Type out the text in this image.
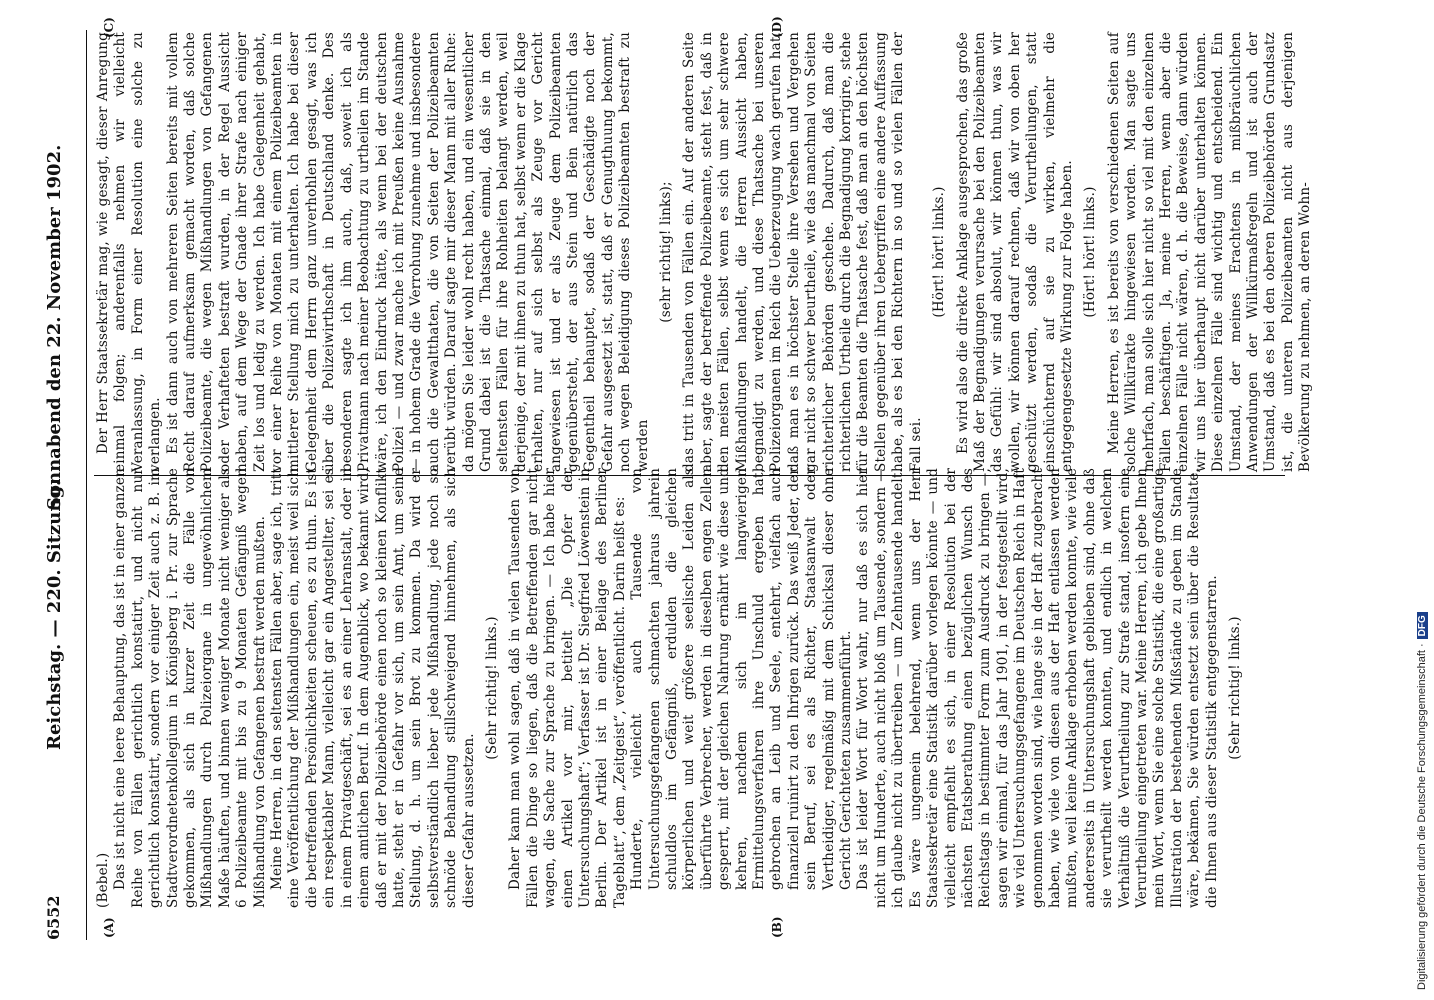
6552
Reichstag. — 220. Sitzung.
Sonnabend den 22. November 1902.
(A)	(B)
(C)	(D)

(Bebel.) Das ist nicht eine leere Behauptung, das ist in einer ganzen Reihe von Fällen gerichtlich konstatirt, und nicht nur gerichtlich konstatirt, sondern vor einiger Zeit auch z. B. im Stadtverordnetenkollegium in Königsberg i. Pr. zur Sprache gekommen, als sich in kurzer Zeit die Fälle von Mißhandlungen durch Polizeiorgane in ungewöhnlichem Maße häuften, und binnen weniger Monate nicht weniger als 6 Polizeibeamte mit bis zu 9 Monaten Gefängniß wegen Mißhandlung von Gefangenen bestraft werden mußten. Meine Herren, in den seltensten Fällen aber, sage ich, tritt eine Veröffentlichung der Mißhandlungen ein, meist weil sich die betreffenden Persönlichkeiten scheuen, es zu thun. Es ist ein respektabler Mann, vielleicht gar ein Angestellter, sei es in einem Privatgeschäft, sei es an einer Lehranstalt, oder in einem amtlichen Beruf. In dem Augenblick, wo bekannt wird, daß er mit der Polizeibehörde einen noch so kleinen Konflikt hatte, steht er in Gefahr vor sich, um sein Amt, um seine Stellung, d. h. um sein Brot zu kommen. Da wird er selbstverständlich lieber jede Mißhandlung, jede noch so schnöde Behandlung stillschweigend hinnehmen, als sich dieser Gefahr aussetzen.

(Sehr richtig! links.) Daher kann man wohl sagen, daß in vielen Tausenden von Fällen die Dinge so liegen, daß die Betreffenden gar nicht wagen, die Sache zur Sprache zu bringen. — Ich habe hier einen Artikel vor mir, betitelt „Die Opfer der Untersuchungshaft“; Verfasser ist Dr. Siegfried Löwenstein in Berlin. Der Artikel ist in einer Beilage des Berliner Tageblatt“, dem „Zeitgeist“, veröffentlicht. Darin heißt es: Hunderte, vielleicht auch Tausende von Untersuchungsgefangenen schmachten jahraus jahrein schuldlos im Gefängniß, erdulden die gleichen körperlichen und weit größere seelische Leiden als überführte Verbrecher, werden in dieselben engen Zellen gesperrt, mit der gleichen Nahrung ernährt wie diese und kehren, nachdem sich im langwierigen Ermittelungsverfahren ihre Unschuld ergeben hat, gebrochen an Leib und Seele, entehrt, vielfach auch finanziell ruinirt zu den Ihrigen zurück. Das weiß Jeder, der sein Beruf, sei es als Richter, Staatsanwalt oder Vertheidiger, regelmäßig mit dem Schicksal dieser ohne Gericht Gerichteten zusammenführt. Das ist leider Wort für Wort wahr, nur daß es sich hier nicht um Hunderte, auch nicht bloß um Tausende, sondern — ich glaube nicht zu übertreiben — um Zehntausende handelt. Es wäre ungemein belehrend, wenn uns der Herr Staatssekretär eine Statistik darüber vorlegen könnte — und vielleicht empfiehlt es sich, in einer Resolution bei der nächsten Etatsberathung einen bezüglichen Wunsch des Reichstags in bestimmter Form zum Ausdruck zu bringen —, sagen wir einmal, für das Jahr 1901, in der festgestellt wird, wie viel Untersuchungsgefangene im Deutschen Reich in Haft genommen worden sind, wie lange sie in der Haft zugebracht haben, wie viele von diesen aus der Haft entlassen werden mußten, weil keine Anklage erhoben werden konnte, wie viele andererseits in Untersuchungshaft geblieben sind, ohne daß sie verurtheilt werden konnten, und endlich in welchem Verhältniß die Verurtheilung zur Strafe stand, insofern eine Verurtheilung eingetreten war. Meine Herren, ich gebe Ihnen mein Wort, wenn Sie eine solche Statistik, die eine großartige Illustration der bestehenden Mißstände zu geben im Stande wäre, bekämen, Sie würden entsetzt sein über die Resultate, die Ihnen aus dieser Statistik entgegenstarren. (Sehr richtig! links.)

Der Herr Staatssekretär mag, wie gesagt, dieser Anregung einmal folgen; anderenfalls nehmen wir vielleicht Veranlassung, in Form einer Resolution eine solche zu verlangen. Es ist dann auch von mehreren Seiten bereits mit vollem Recht darauf aufmerksam gemacht worden, daß solche Polizeibeamte, die wegen Mißhandlungen von Gefangenen oder Verhafteten bestraft wurden, in der Regel Aussicht haben, auf dem Wege der Gnade ihrer Strafe nach einiger Zeit los und ledig zu werden. Ich habe Gelegenheit gehabt, vor einer Reihe von Monaten mit einem Polizeibeamten in mittlerer Stellung mich zu unterhalten. Ich habe bei dieser Gelegenheit dem Herrn ganz unverhohlen gesagt, was ich über die Polizeiwirthschaft in Deutschland denke. Des besonderen sagte ich ihm auch, daß, soweit ich als Privatmann nach meiner Beobachtung zu urtheilen im Stande wäre, ich den Eindruck hätte, als wenn bei der deutschen Polizei — und zwar mache ich mit Preußen keine Ausnahme — in hohem Grade die Verrohung zunehme und insbesondere auch die Gewaltthaten, die von Seiten der Polizeibeamten verübt würden. Darauf sagte mir dieser Mann mit aller Ruhe: da mögen Sie leider wohl recht haben, und ein wesentlicher Grund dabei ist die Thatsache einmal, daß sie in den seltensten Fällen für ihre Rohheiten belangt werden, weil derjenige, der mit ihnen zu thun hat, selbst wenn er die Klage erhalten, nur auf sich selbst als Zeuge vor Gericht angewiesen ist und er als Zeuge dem Polizeibeamten gegenübersteht, der aus Stein und Bein natürlich das Gegentheil behauptet, sodaß der Geschädigte noch der Gefahr ausgesetzt ist, statt, daß er Genugthuung bekommt, noch wegen Beleidigung dieses Polizeibeamten bestraft zu werden

(sehr richtig! links); das tritt in Tausenden von Fällen ein. Auf der anderen Seite aber, sagte der betreffende Polizeibeamte, steht fest, daß in den meisten Fällen, selbst wenn es sich um sehr schwere Mißhandlungen handelt, die Herren Aussicht haben, begnadigt zu werden, und diese Thatsache bei unseren Polizeiorganen im Reich die Ueberzeugung wach gerufen hat, daß man es in höchster Stelle ihre Versehen und Vergehen gar nicht so schwer beurtheile, wie das manchmal von Seiten richterlicher Behörden geschehe. Dadurch, daß man die richterlichen Urtheile durch die Begnadigung korrigire, stehe für die Beamten die Thatsache fest, daß man an den höchsten Stellen gegenüber ihren Uebergriffen eine andere Auffassung habe, als es bei den Richtern in so und so vielen Fällen der Fall sei.

(Hört! hört! links.) Es wird also die direkte Anklage ausgesprochen, das große Maß der Begnadigungen verursache bei den Polizeibeamten das Gefühl: wir sind absolut, wir können thun, was wir wollen, wir können darauf rechnen, daß wir von oben her geschützt werden, sodaß die Verurtheilungen, statt einschüchternd auf sie zu wirken, vielmehr die entgegengesetzte Wirkung zur Folge haben. (Hört! hört! links.) Meine Herren, es ist bereits von verschiedenen Seiten auf solche Willkürakte hingewiesen worden. Man sagte uns mehrfach, man solle sich hier nicht so viel mit den einzelnen Fällen beschäftigen. Ja, meine Herren, wenn aber die einzelnen Fälle nicht wären, d. h. die Beweise, dann würden wir uns hier überhaupt nicht darüber unterhalten können. Diese einzelnen Fälle sind wichtig und entscheidend. Ein Umstand, der meines Erachtens in mißbräuchlichen Anwendungen der Willkürmaßregeln und ist auch der Umstand, daß es bei den oberen Polizeibehörden Grundsatz ist, die unteren Polizeibeamten nicht aus derjenigen Bevölkerung zu nehmen, an deren Wohn-

Digitalisierung gefördert durch die Deutsche Forschungsgemeinschaft ·DFG
